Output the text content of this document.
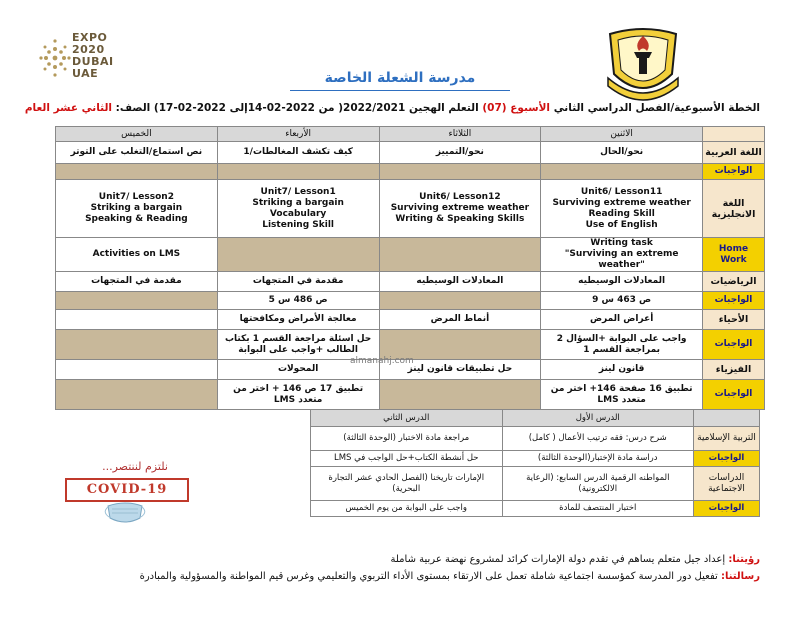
EXPO
2020
DUBAI
UAE	مدرسة الشعلة الخاصة
الخطة الأسبوعية/الفصل الدراسي الثاني الأسبوع (07) التعلم الهجين 2022/2021( من 2022-02-14إلى 2022-02-17) الصف: الثاني عشر العام
	الاثنين	الثلاثاء	الأربعاء	الخميس
اللغة العربية	نحو/الحال	نحو/التمييز	كيف تكشف المغالطات/1	نص استماع/التغلب على التوتر
الواجبات				
اللغة الانجليزية	Unit6/ Lesson11
Surviving extreme weather
Reading Skill
Use of English	Unit6/ Lesson12
Surviving extreme weather
Writing & Speaking Skills	Unit7/ Lesson1
Striking a bargain
Vocabulary
Listening Skill	Unit7/ Lesson2
Striking a bargain
Speaking & Reading
Home Work	Writing task
"Surviving an extreme weather"			Activities on LMS
الرياضيات	المعادلات الوسيطيه	المعادلات الوسيطيه	مقدمة في المتجهات	مقدمة في المتجهات
الواجبات	ص 463 س 9		ص 486 س 5	
الأحياء	أعراض المرض	أنماط المرض	معالجة الأمراض ومكافحتها	
الواجبات	واجب على البوابة +السؤال 2 بمراجعة القسم 1		حل اسئلة مراجعة القسم 1 بكتاب الطالب +واجب على البوابة	
الفيزياء	قانون لينز	حل تطبيقات قانون لينز	المحولات	
الواجبات	تطبيق 16 صفحة 146+ اختر من متعدد LMS		تطبيق 17 ص 146 + اختر من متعدد LMS	
almanahj.com
	الدرس الأول	الدرس الثاني
التربية الإسلامية	شرح درس: فقه ترتيب الأعمال ( كامل)	مراجعة مادة الاختبار (الوحدة الثالثة)
الواجبات	دراسة مادة الإختبار(الوحدة الثالثة)	حل أنشطة الكتاب+حل الواجب في LMS
الدراسات الاجتماعية	المواطنه الرقمية الدرس السابع: (الرعاية الالكترونية)	الإمارات تاريخنا (الفصل الحادي عشر التجارة البحرية)
الواجبات	اختبار المنتصف للمادة	واجب على البوابة من يوم الخميس
نلتزم لننتصر...
COVID-19
رؤيتنا: إعداد جيل متعلم يساهم في تقدم دولة الإمارات كرائد لمشروع نهضة عربية شاملة
رسالتنا: تفعيل دور المدرسة كمؤسسة اجتماعية شاملة تعمل على الارتقاء بمستوى الأداء التربوي والتعليمي وغرس قيم المواطنة والمسؤولية والمبادرة
